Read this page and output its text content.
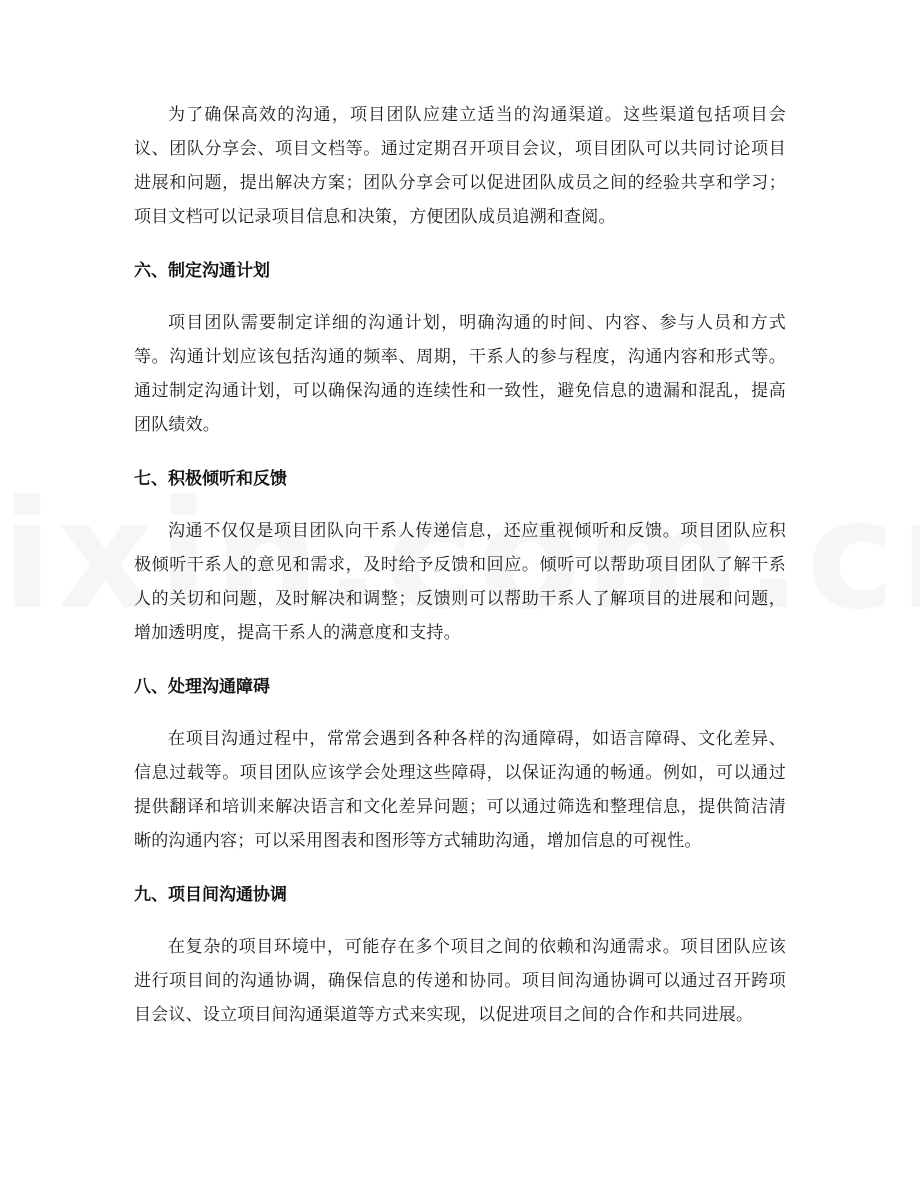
为了确保高效的沟通，项目团队应建立适当的沟通渠道。这些渠道包括项目会议、团队分享会、项目文档等。通过定期召开项目会议，项目团队可以共同讨论项目进展和问题，提出解决方案；团队分享会可以促进团队成员之间的经验共享和学习；项目文档可以记录项目信息和决策，方便团队成员追溯和查阅。

六、制定沟通计划

项目团队需要制定详细的沟通计划，明确沟通的时间、内容、参与人员和方式等。沟通计划应该包括沟通的频率、周期，干系人的参与程度，沟通内容和形式等。通过制定沟通计划，可以确保沟通的连续性和一致性，避免信息的遗漏和混乱，提高团队绩效。

七、积极倾听和反馈

沟通不仅仅是项目团队向干系人传递信息，还应重视倾听和反馈。项目团队应积极倾听干系人的意见和需求，及时给予反馈和回应。倾听可以帮助项目团队了解干系人的关切和问题，及时解决和调整；反馈则可以帮助干系人了解项目的进展和问题，增加透明度，提高干系人的满意度和支持。

八、处理沟通障碍

在项目沟通过程中，常常会遇到各种各样的沟通障碍，如语言障碍、文化差异、信息过载等。项目团队应该学会处理这些障碍，以保证沟通的畅通。例如，可以通过提供翻译和培训来解决语言和文化差异问题；可以通过筛选和整理信息，提供简洁清晰的沟通内容；可以采用图表和图形等方式辅助沟通，增加信息的可视性。

九、项目间沟通协调

在复杂的项目环境中，可能存在多个项目之间的依赖和沟通需求。项目团队应该进行项目间的沟通协调，确保信息的传递和协同。项目间沟通协调可以通过召开跨项目会议、设立项目间沟通渠道等方式来实现，以促进项目之间的合作和共同进展。
